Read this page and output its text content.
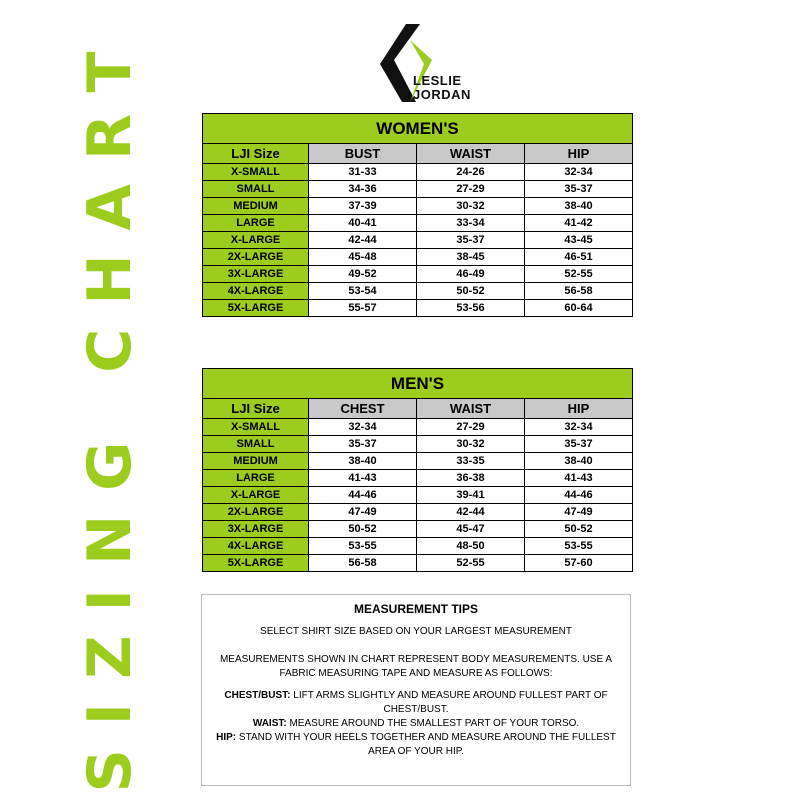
LESLIE
JORDAN
SIZING CHART	WOMEN'S			
LJI Size	BUST	WAIST	HIP
X-SMALL	31-33	24-26	32-34
SMALL	34-36	27-29	35-37
MEDIUM	37-39	30-32	38-40
LARGE	40-41	33-34	41-42
X-LARGE	42-44	35-37	43-45
2X-LARGE	45-48	38-45	46-51
3X-LARGE	49-52	46-49	52-55
4X-LARGE	53-54	50-52	56-58
5X-LARGE	55-57	53-56	60-64
MEN'S			
LJI Size	CHEST	WAIST	HIP
X-SMALL	32-34	27-29	32-34
SMALL	35-37	30-32	35-37
MEDIUM	38-40	33-35	38-40
LARGE	41-43	36-38	41-43
X-LARGE	44-46	39-41	44-46
2X-LARGE	47-49	42-44	47-49
3X-LARGE	50-52	45-47	50-52
4X-LARGE	53-55	48-50	53-55
5X-LARGE	56-58	52-55	57-60
MEASUREMENT TIPS

SELECT SHIRT SIZE BASED ON YOUR LARGEST MEASUREMENT

MEASUREMENTS SHOWN IN CHART REPRESENT BODY MEASUREMENTS. USE A FABRIC MEASURING TAPE AND MEASURE AS FOLLOWS:

CHEST/BUST: LIFT ARMS SLIGHTLY AND MEASURE AROUND FULLEST PART OF CHEST/BUST.

WAIST: MEASURE AROUND THE SMALLEST PART OF YOUR TORSO.

HIP: STAND WITH YOUR HEELS TOGETHER AND MEASURE AROUND THE FULLEST AREA OF YOUR HIP.
